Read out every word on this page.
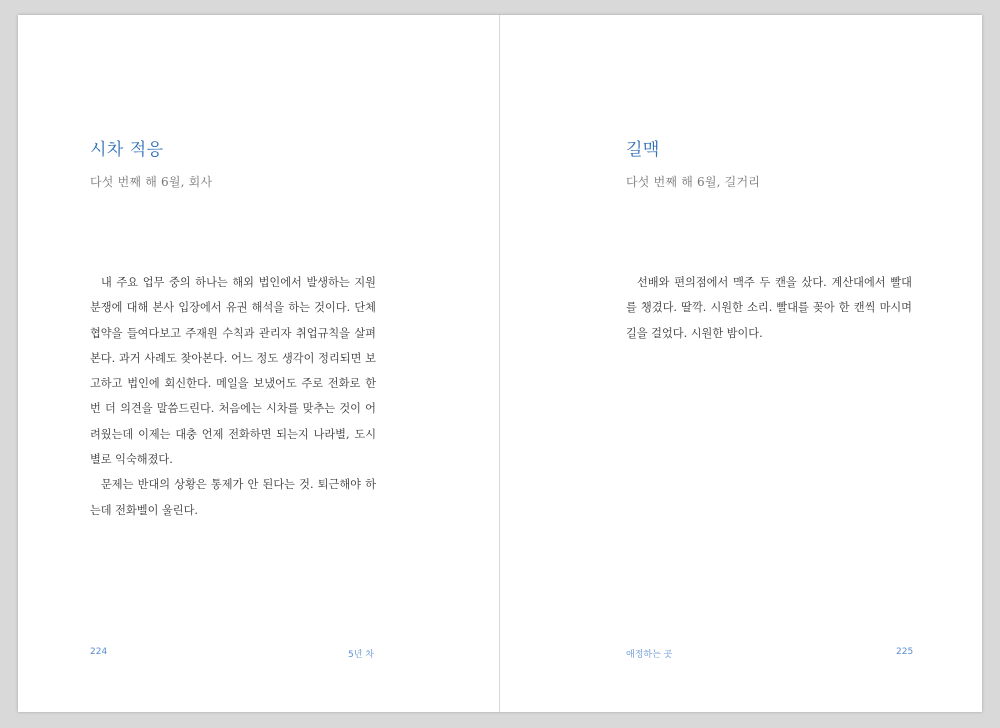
시차 적응
다섯 번째 해 6월, 회사

내 주요 업무 중의 하나는 해외 법인에서 발생하는 지원 분쟁에 대해 본사 입장에서 유권 해석을 하는 것이다. 단체협약을 들여다보고 주재원 수칙과 관리자 취업규칙을 살펴본다. 과거 사례도 찾아본다. 어느 정도 생각이 정리되면 보고하고 법인에 회신한다. 메일을 보냈어도 주로 전화로 한 번 더 의견을 말씀드린다. 처음에는 시차를 맞추는 것이 어려웠는데 이제는 대충 언제 전화하면 되는지 나라별, 도시별로 익숙해졌다.

문제는 반대의 상황은 통제가 안 된다는 것. 퇴근해야 하는데 전화벨이 울린다.

224	5년 차
길맥
다섯 번째 해 6월, 길거리

선배와 편의점에서 맥주 두 캔을 샀다. 계산대에서 빨대를 챙겼다. 딸깍. 시원한 소리. 빨대를 꽂아 한 캔씩 마시며 길을 걸었다. 시원한 밤이다.

애정하는 곳	225
